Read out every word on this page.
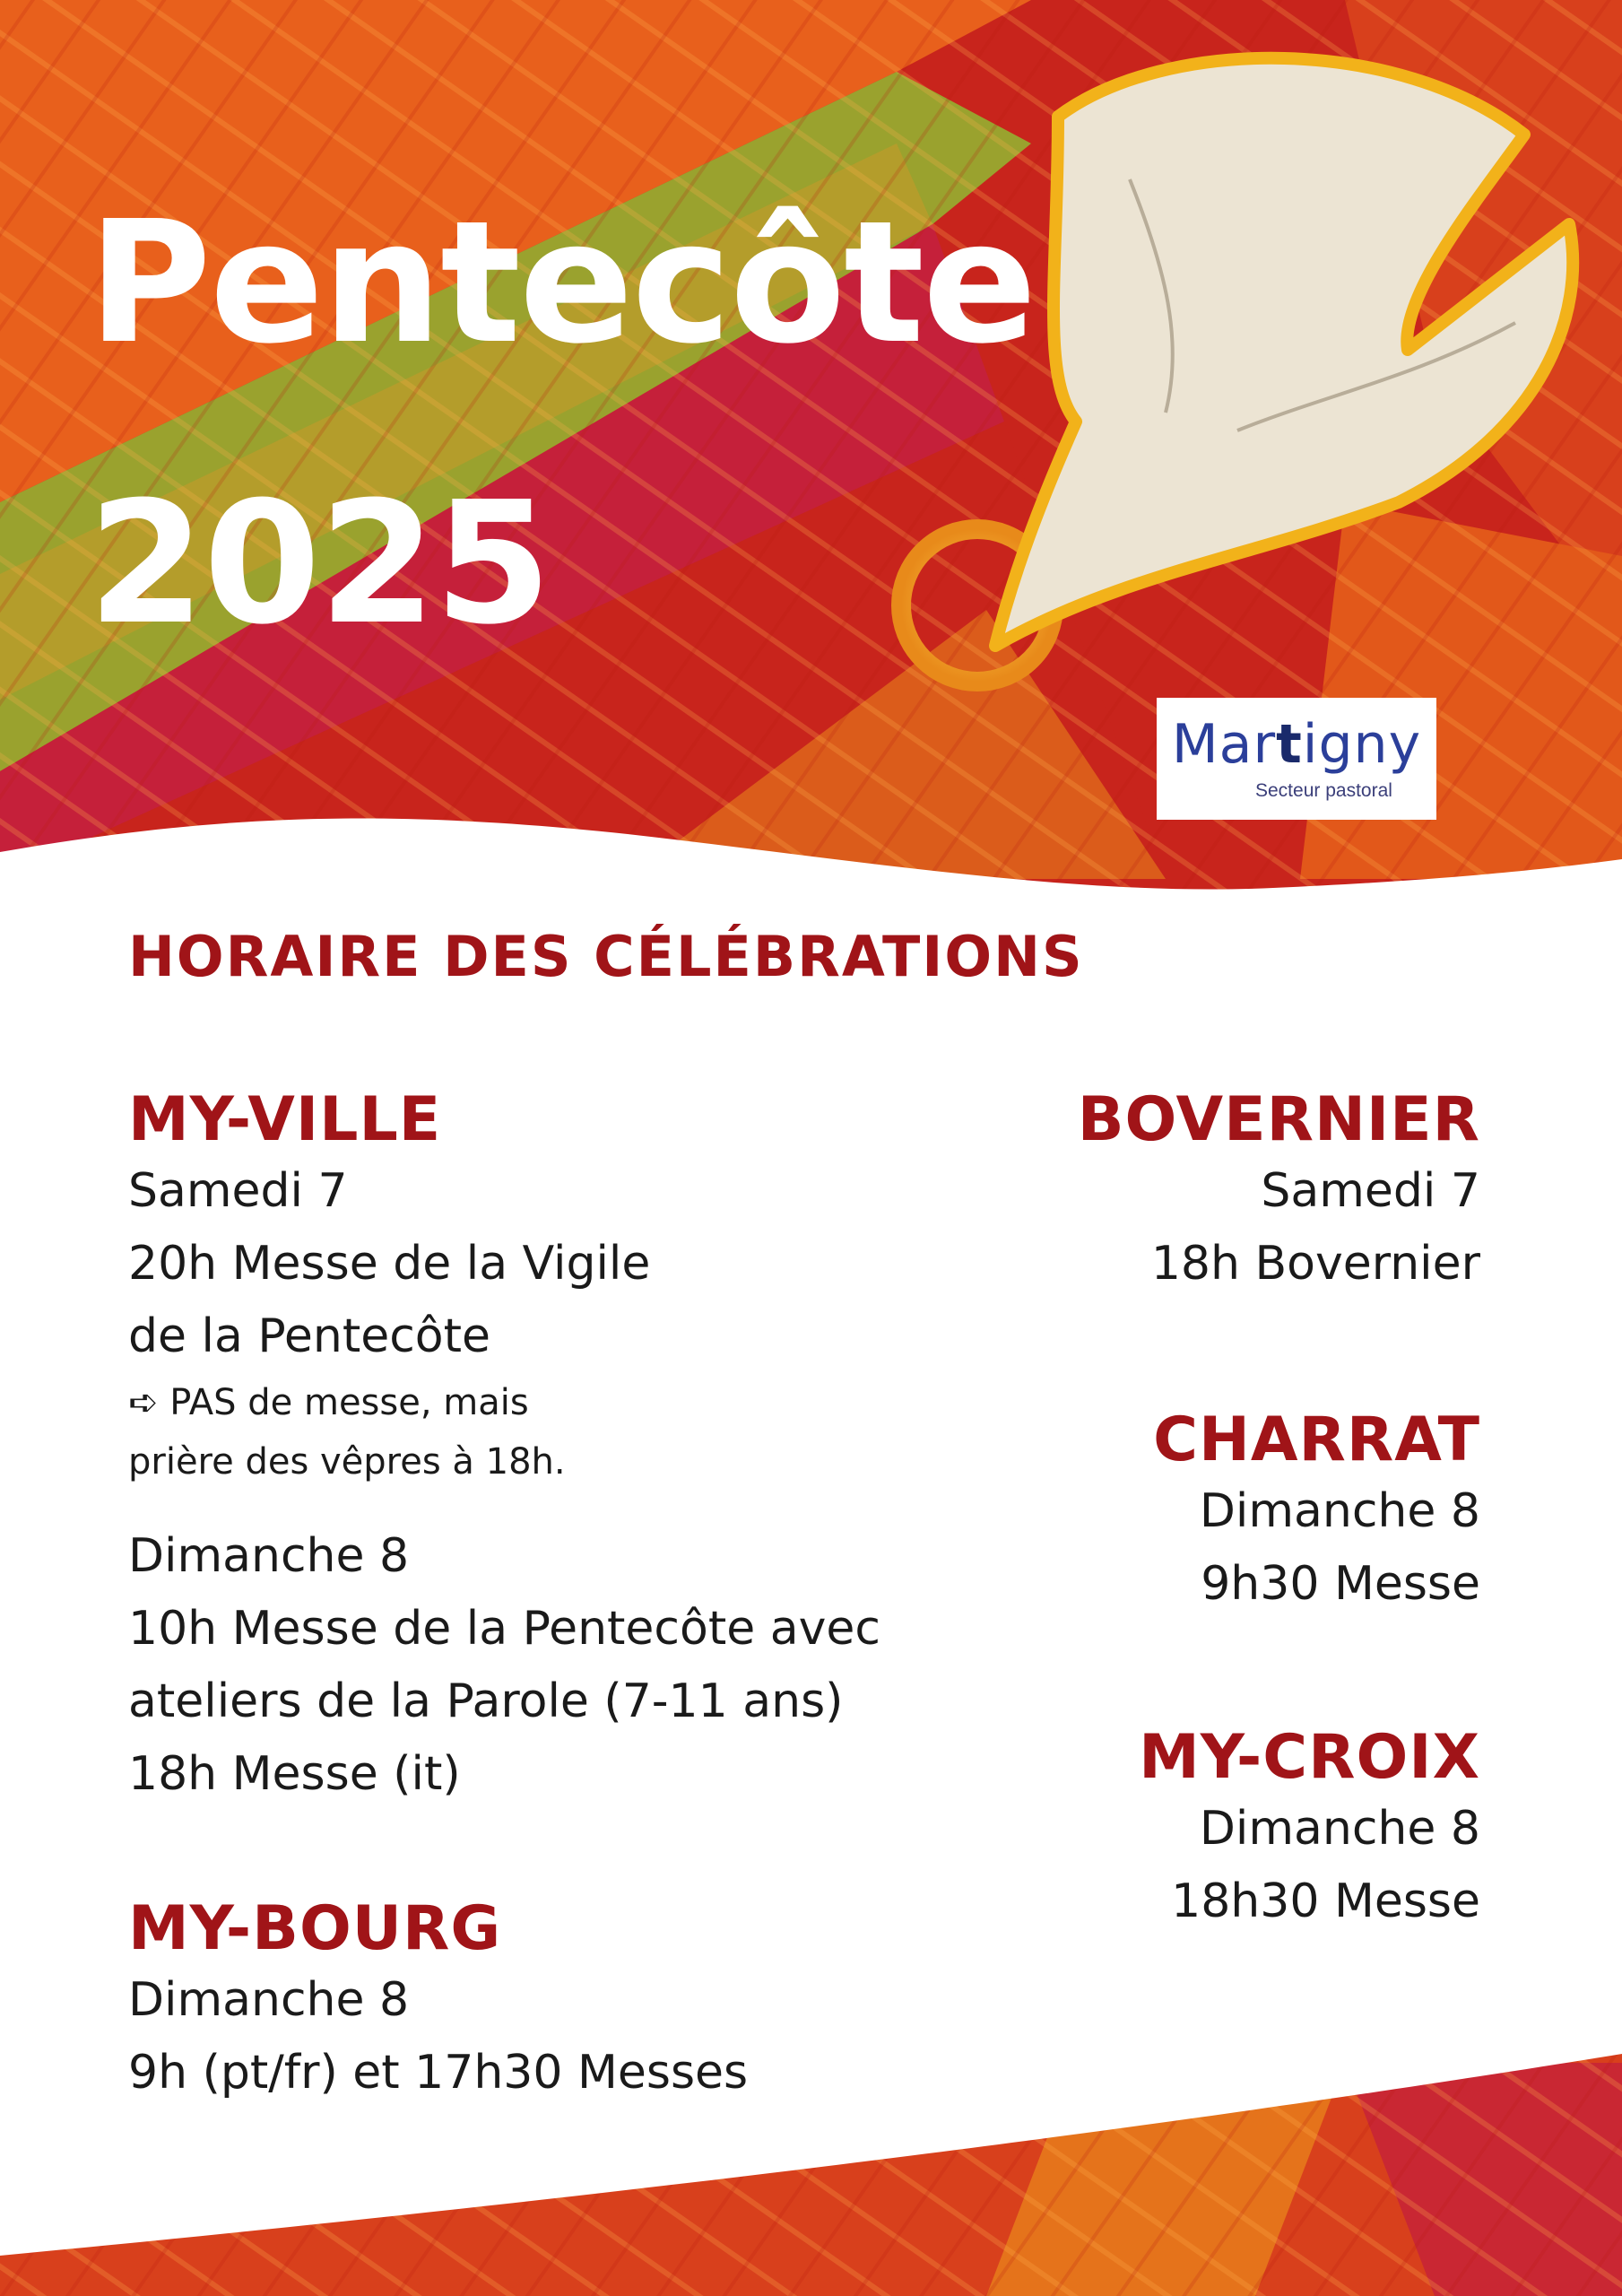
Pentecôte
2025
Martigny
Secteur pastoral
HORAIRE DES CÉLÉBRATIONS
MY-VILLE

Samedi 7

20h Messe de la Vigile

de la Pentecôte

➪ PAS de messe, mais

prière des vêpres à 18h.

Dimanche 8

10h Messe de la Pentecôte avec

ateliers de la Parole (7-11 ans)

18h Messe (it)

MY-BOURG

Dimanche 8

9h (pt/fr) et 17h30 Messes

BOVERNIER

Samedi 7

18h Bovernier

CHARRAT

Dimanche 8

9h30 Messe

MY-CROIX

Dimanche 8

18h30 Messe
